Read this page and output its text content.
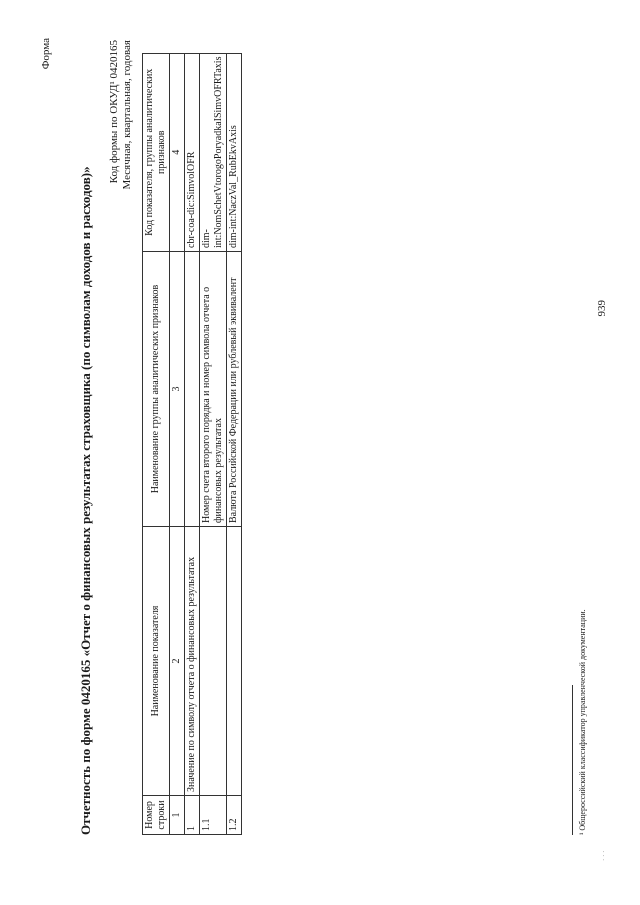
Форма
Отчетность по форме 0420165 «Отчет о финансовых результатах страховщика (по символам доходов и расходов)»
Код формы по ОКУД¹ 0420165 Месячная, квартальная, годовая
Номер строки	Наименование показателя	Наименование группы аналитических признаков	Код показателя, группы аналитических признаков
1	2	3	4
1	Значение по символу отчета о финансовых результатах		cbr-coa-dic:SimvolOFR
1.1		Номер счета второго порядка и номер символа отчета о финансовых результатах	dim-int:NomSchetVtorogoPoryadkaISimvOFRTaxis
1.2		Валюта Российской Федерации или рублевый эквивалент	dim-int:NaczVal_RubEkvAxis
¹ Общероссийский классификатор управленческой документации.
939
· · ·
